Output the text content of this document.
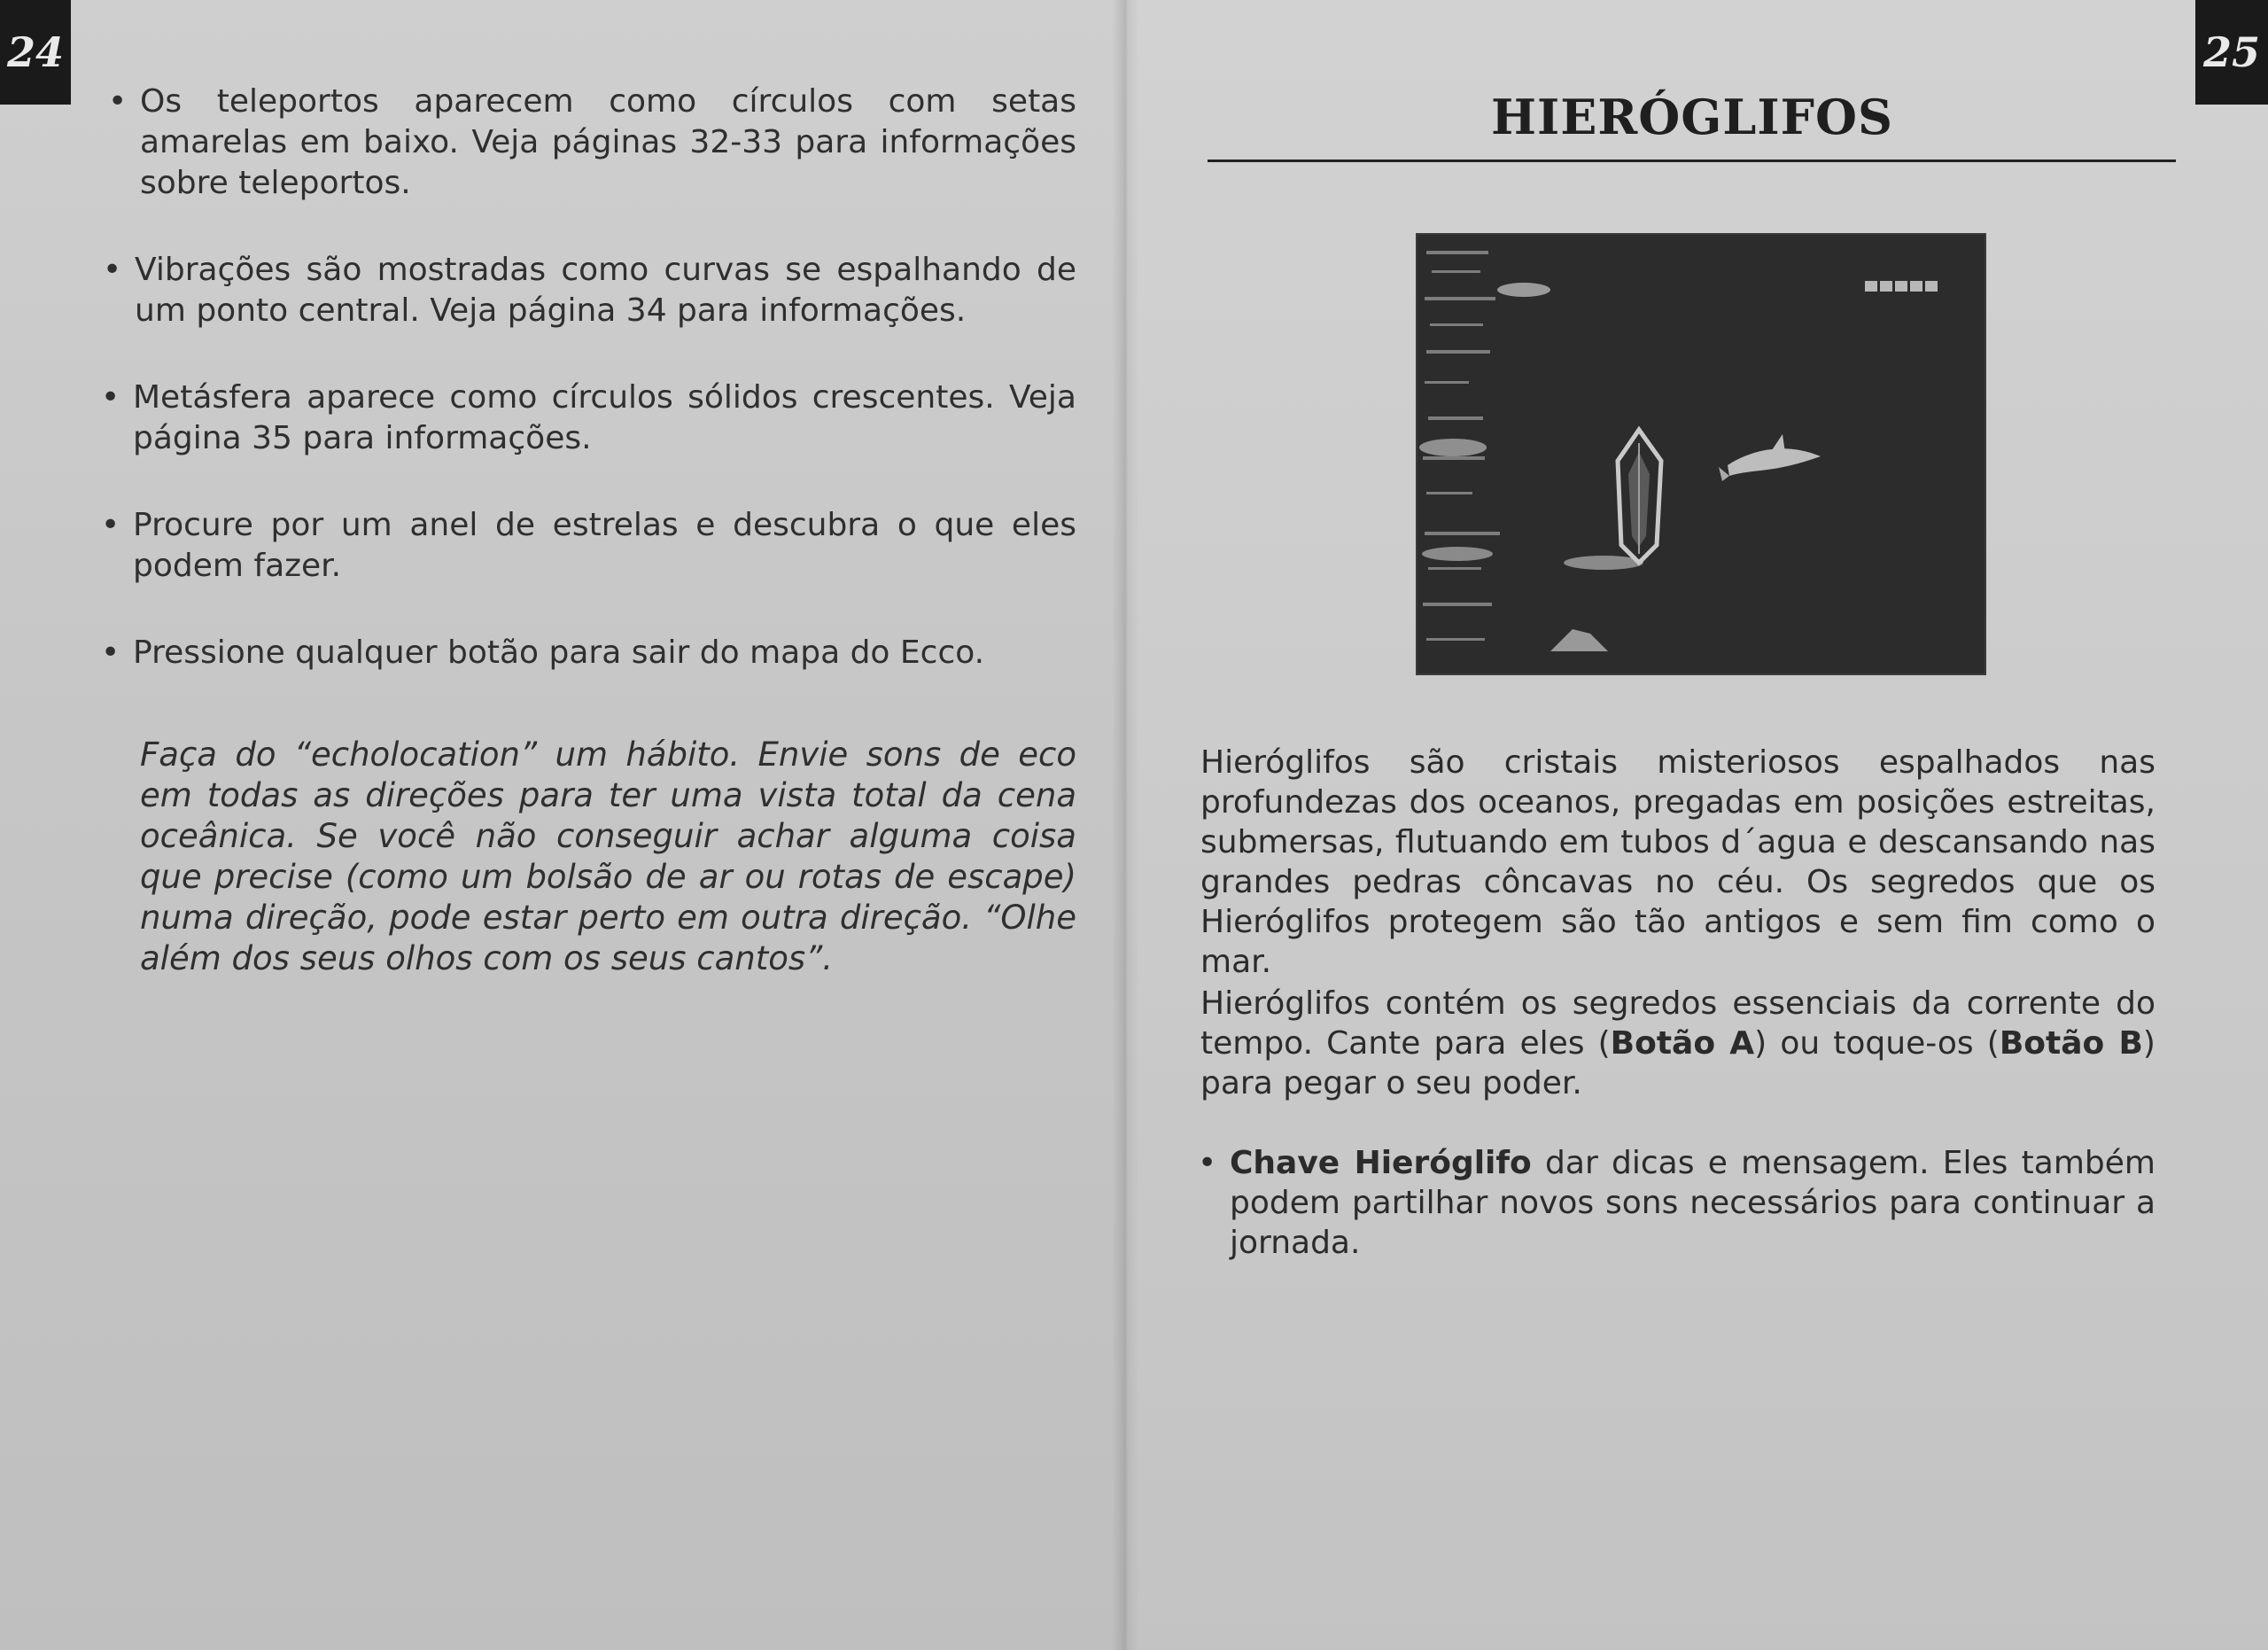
24
• Os teleportos aparecem como círculos com setas amarelas em baixo. Veja páginas 32-33 para informações sobre teleportos.
• Vibrações são mostradas como curvas se espalhando de um ponto central. Veja página 34 para informações.
• Metásfera aparece como círculos sólidos crescentes. Veja página 35 para informações.
• Procure por um anel de estrelas e descubra o que eles podem fazer.
• Pressione qualquer botão para sair do mapa do Ecco.

Faça do “echolocation” um hábito. Envie sons de eco em todas as direções para ter uma vista total da cena oceânica. Se você não conseguir achar alguma coisa que precise (como um bolsão de ar ou rotas de escape) numa direção, pode estar perto em outra direção. “Olhe além dos seus olhos com os seus cantos”.

25
HIERÓGLIFOS

Hieróglifos são cristais misteriosos espalhados nas profundezas dos oceanos, pregadas em posições estreitas, submersas, flutuando em tubos d´agua e descansando nas grandes pedras côncavas no céu. Os segredos que os Hieróglifos protegem são tão antigos e sem fim como o mar.

Hieróglifos contém os segredos essenciais da corrente do tempo. Cante para eles (Botão A) ou toque-os (Botão B) para pegar o seu poder.

• Chave Hieróglifo dar dicas e mensagem. Eles também podem partilhar novos sons necessários para continuar a jornada.
